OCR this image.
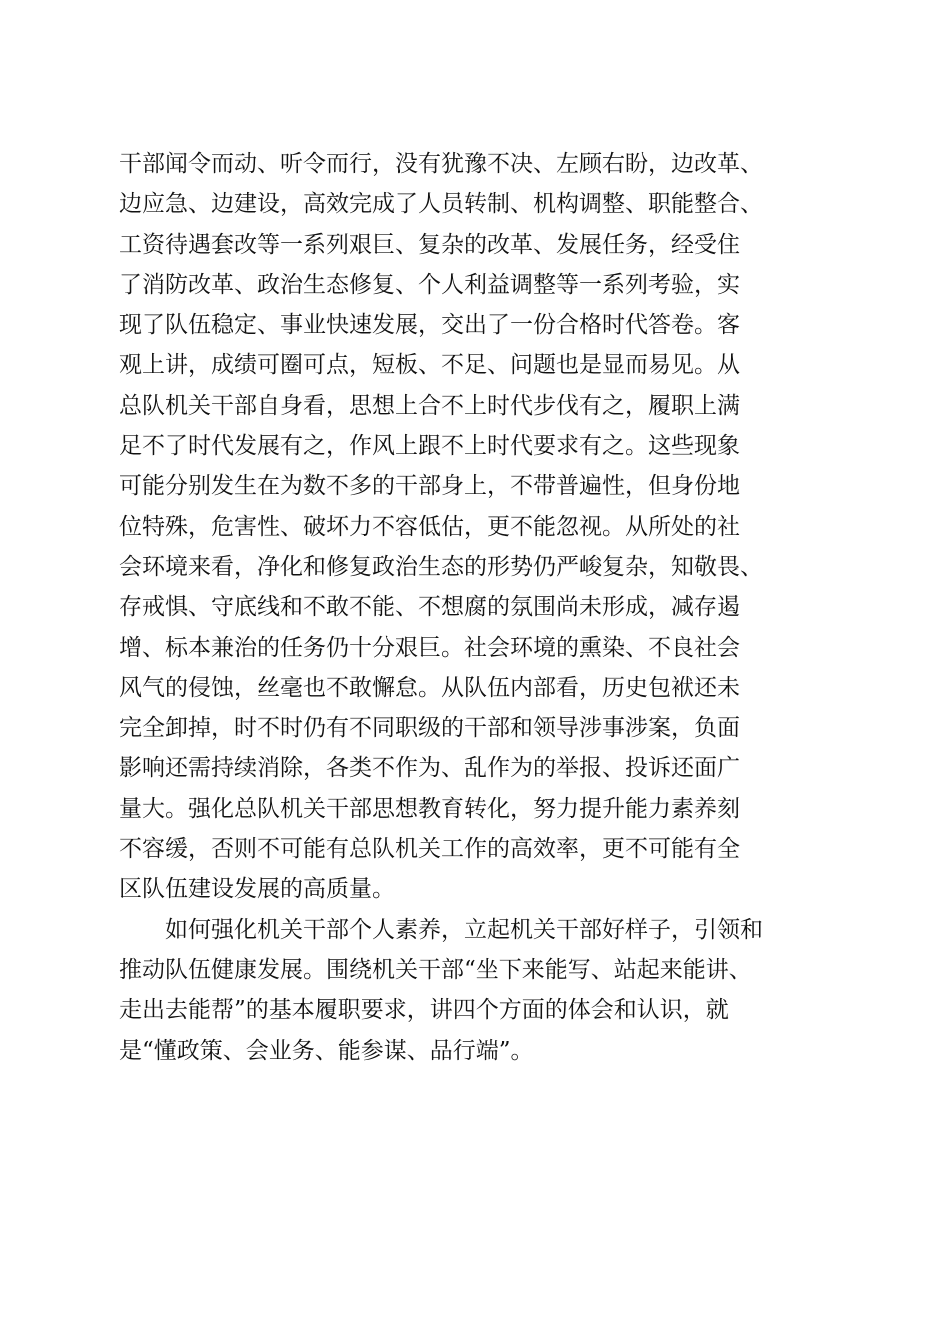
干部闻令而动、听令而行，没有犹豫不决、左顾右盼，边改革、
边应急、边建设，高效完成了人员转制、机构调整、职能整合、
工资待遇套改等一系列艰巨、复杂的改革、发展任务，经受住
了消防改革、政治生态修复、个人利益调整等一系列考验，实
现了队伍稳定、事业快速发展，交出了一份合格时代答卷。客
观上讲，成绩可圈可点，短板、不足、问题也是显而易见。从
总队机关干部自身看，思想上合不上时代步伐有之，履职上满
足不了时代发展有之，作风上跟不上时代要求有之。这些现象
可能分别发生在为数不多的干部身上，不带普遍性，但身份地
位特殊，危害性、破坏力不容低估，更不能忽视。从所处的社
会环境来看，净化和修复政治生态的形势仍严峻复杂，知敬畏、
存戒惧、守底线和不敢不能、不想腐的氛围尚未形成，减存遏
增、标本兼治的任务仍十分艰巨。社会环境的熏染、不良社会
风气的侵蚀，丝毫也不敢懈怠。从队伍内部看，历史包袱还未
完全卸掉，时不时仍有不同职级的干部和领导涉事涉案，负面
影响还需持续消除，各类不作为、乱作为的举报、投诉还面广
量大。强化总队机关干部思想教育转化，努力提升能力素养刻
不容缓，否则不可能有总队机关工作的高效率，更不可能有全
区队伍建设发展的高质量。
　　如何强化机关干部个人素养，立起机关干部好样子，引领和
推动队伍健康发展。围绕机关干部“坐下来能写、站起来能讲、
走出去能帮”的基本履职要求，讲四个方面的体会和认识，就
是“懂政策、会业务、能参谋、品行端”。
